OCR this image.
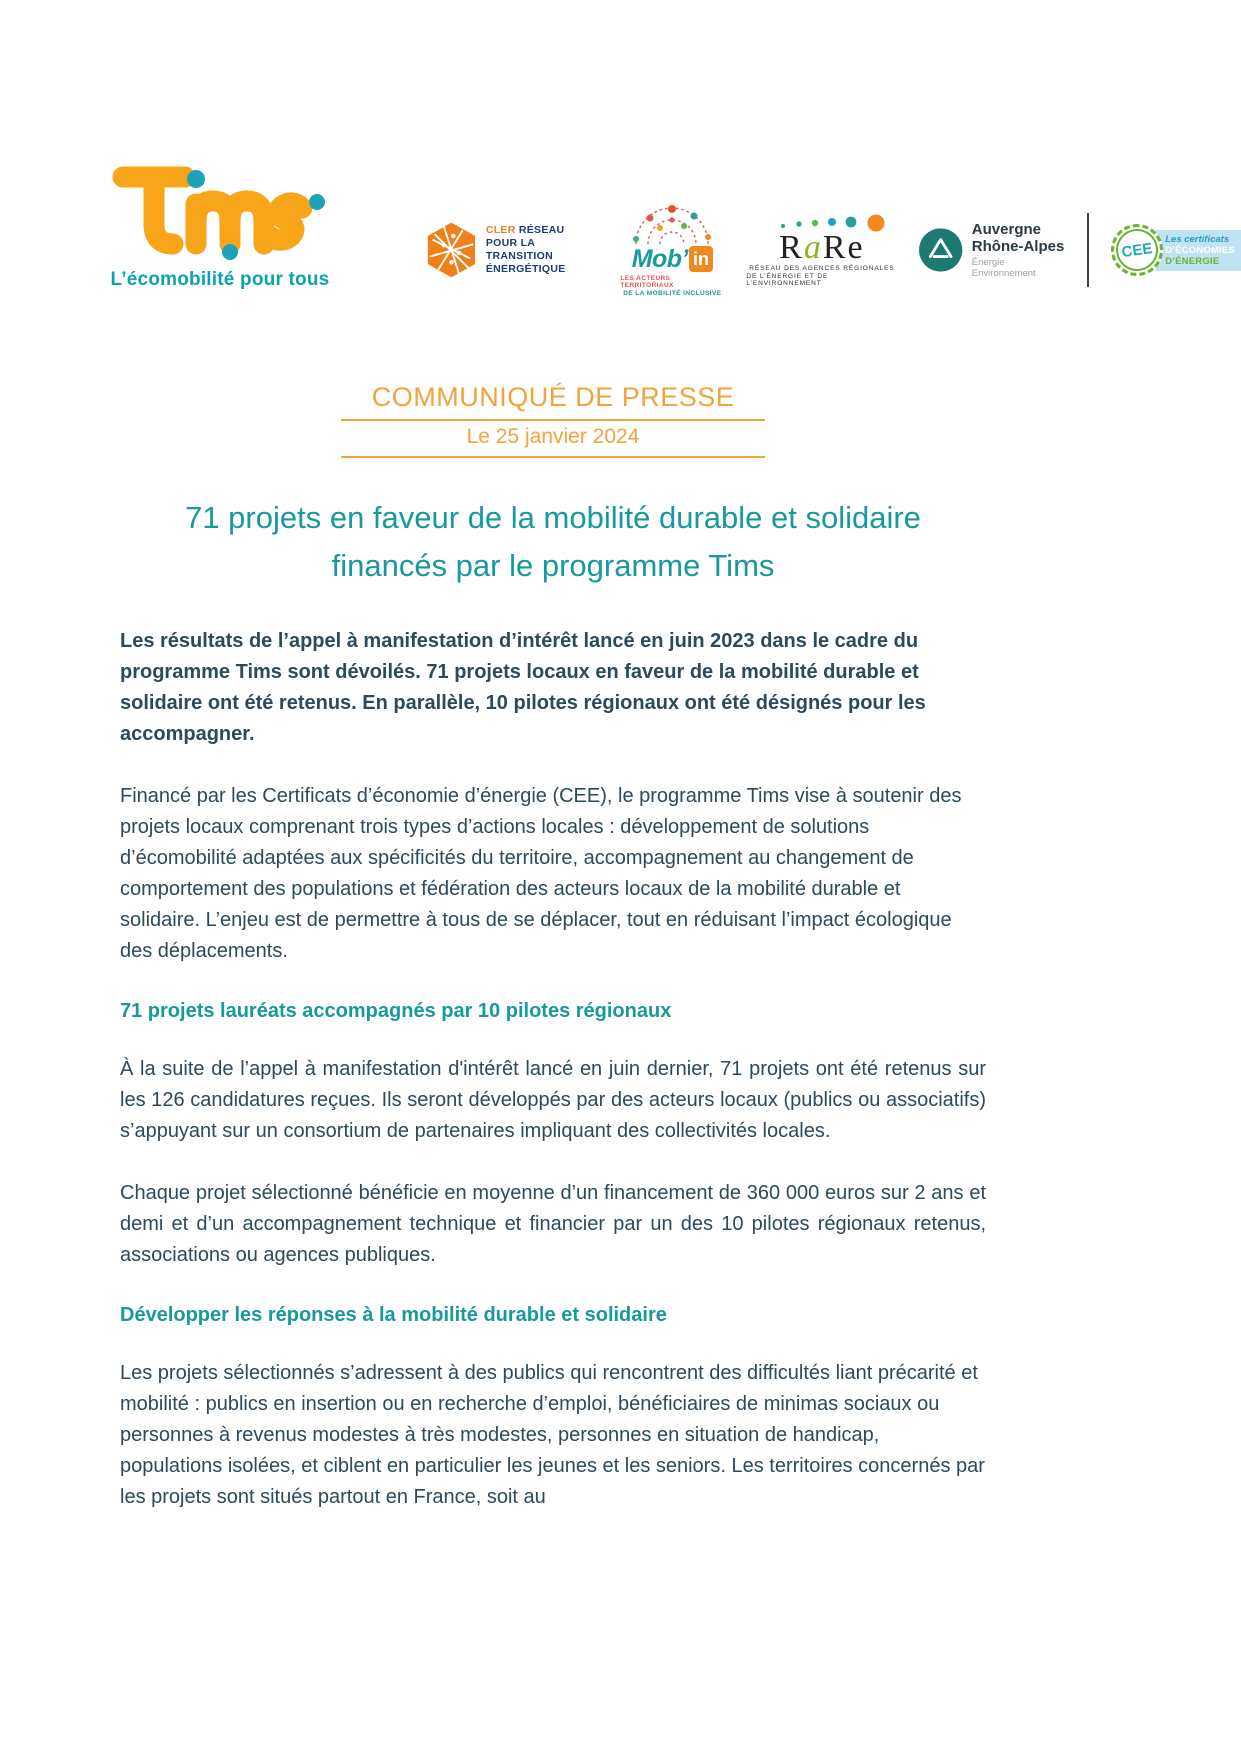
L’écomobilité pour tous
CLER RÉSEAU
POUR LA TRANSITION
ÉNERGÉTIQUE	Mob’ in
LES ACTEURS TERRITORIAUX
DE LA MOBILITÉ INCLUSIVE
RaRe
RÉSEAU DES AGENCES RÉGIONALES
DE L’ÉNERGIE ET DE L’ENVIRONNEMENT
Auvergne
Rhône-Alpes
Énergie Environnement
CEE
Les certificats
D’ÉCONOMIES
D’ÉNERGIE
COMMUNIQUÉ DE PRESSE
Le 25 janvier 2024
71 projets en faveur de la mobilité durable et solidaire financés par le programme Tims

Les résultats de l’appel à manifestation d’intérêt lancé en juin 2023 dans le cadre du programme Tims sont dévoilés. 71 projets locaux en faveur de la mobilité durable et solidaire ont été retenus. En parallèle, 10 pilotes régionaux ont été désignés pour les accompagner.

Financé par les Certificats d’économie d’énergie (CEE), le programme Tims vise à soutenir des projets locaux comprenant trois types d’actions locales : développement de solutions d’écomobilité adaptées aux spécificités du territoire, accompagnement au changement de comportement des populations et fédération des acteurs locaux de la mobilité durable et solidaire. L’enjeu est de permettre à tous de se déplacer, tout en réduisant l’impact écologique des déplacements.

71 projets lauréats accompagnés par 10 pilotes régionaux

À la suite de l’appel à manifestation d'intérêt lancé en juin dernier, 71 projets ont été retenus sur les 126 candidatures reçues. Ils seront développés par des acteurs locaux (publics ou associatifs) s’appuyant sur un consortium de partenaires impliquant des collectivités locales.

Chaque projet sélectionné bénéficie en moyenne d’un financement de 360 000 euros sur 2 ans et demi et d’un accompagnement technique et financier par un des 10 pilotes régionaux retenus, associations ou agences publiques.

Développer les réponses à la mobilité durable et solidaire

Les projets sélectionnés s’adressent à des publics qui rencontrent des difficultés liant précarité et mobilité : publics en insertion ou en recherche d’emploi, bénéficiaires de minimas sociaux ou personnes à revenus modestes à très modestes, personnes en situation de handicap, populations isolées, et ciblent en particulier les jeunes et les seniors. Les territoires concernés par les projets sont situés partout en France, soit au
